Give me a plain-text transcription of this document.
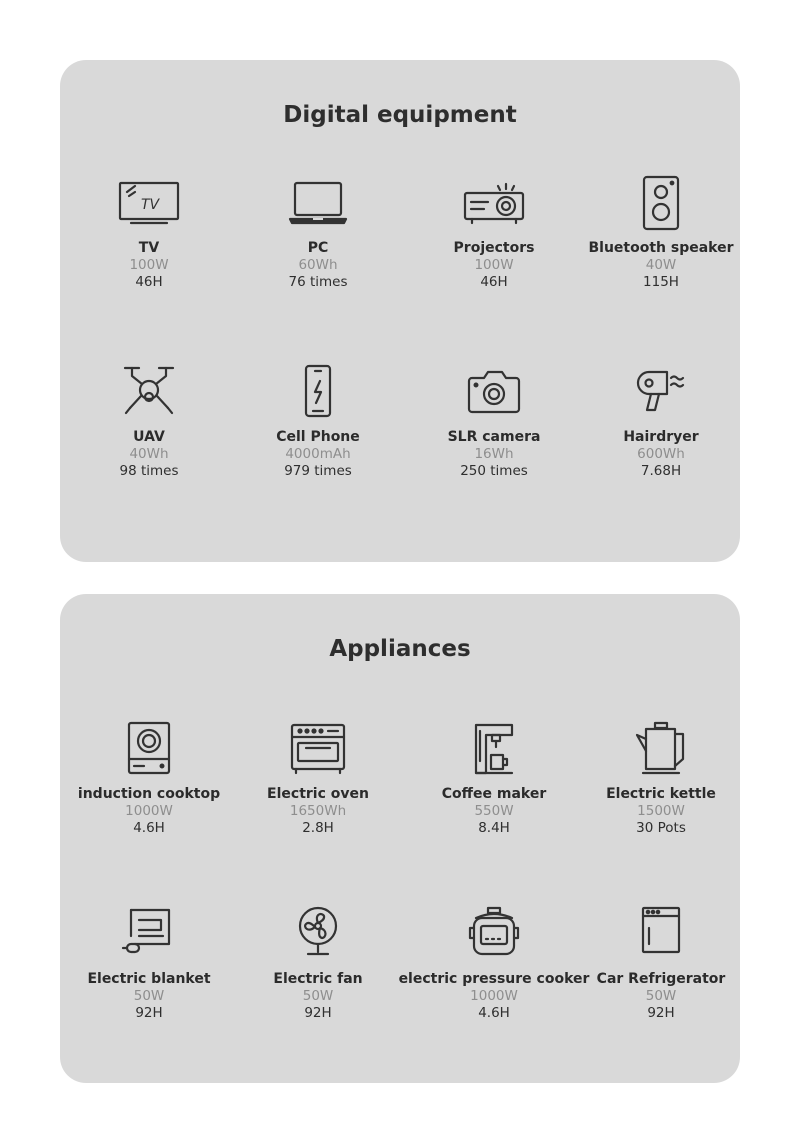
Digital equipment
TV
TV
100W
46H
PC
60Wh
76 times
Projectors
100W
46H
Bluetooth speaker
40W
115H
UAV
40Wh
98 times
Cell Phone
4000mAh
979 times
SLR camera
16Wh
250 times
Hairdryer
600Wh
7.68H
Appliances
induction cooktop
1000W
4.6H
Electric oven
1650Wh
2.8H
Coffee maker
550W
8.4H
Electric kettle
1500W
30 Pots
Electric blanket
50W
92H
Electric fan
50W
92H
electric pressure cooker
1000W
4.6H
Car Refrigerator
50W
92H
